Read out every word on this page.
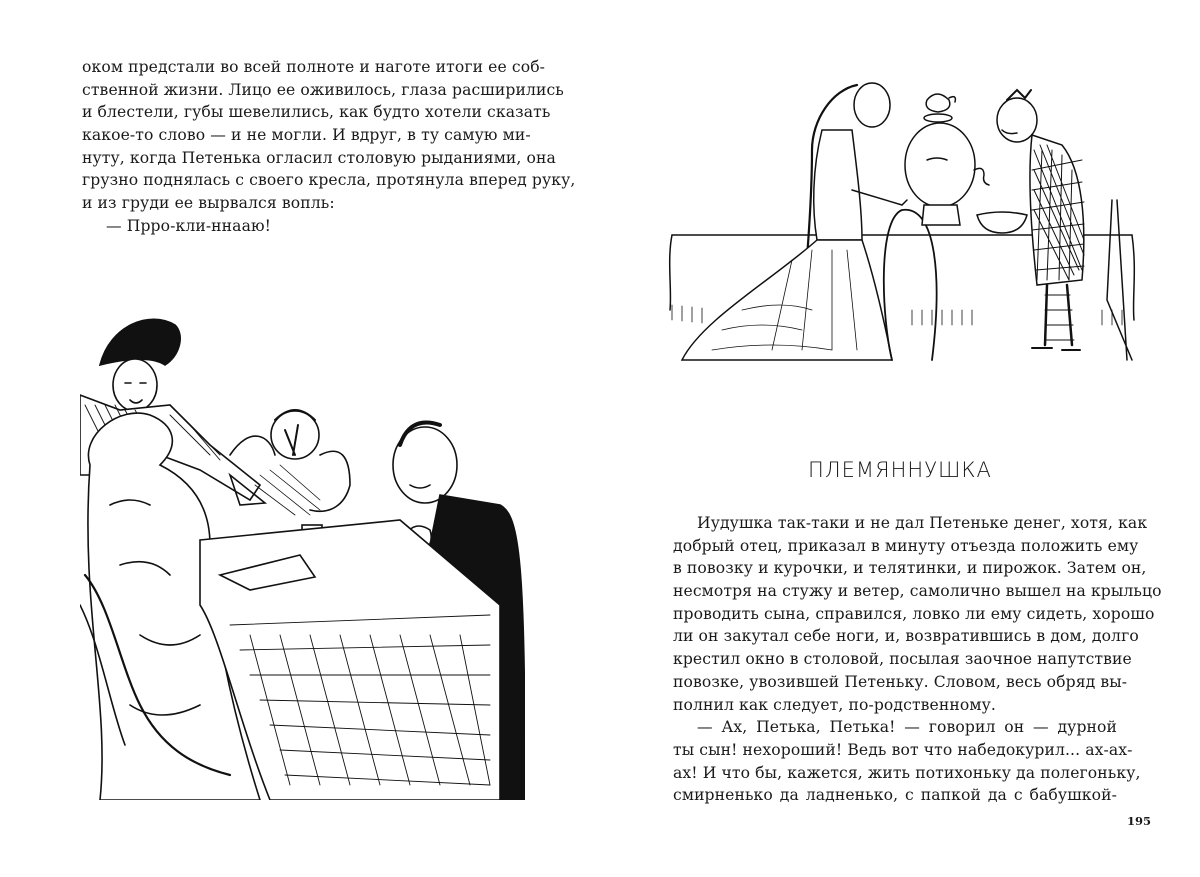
оком предстали во всей полноте и наготе итоги ее соб-
ственной жизни. Лицо ее оживилось, глаза расширились
и блестели, губы шевелились, как будто хотели сказать
какое-то слово — и не могли. И вдруг, в ту самую ми-
нуту, когда Петенька огласил столовую рыданиями, она
грузно поднялась с своего кресла, протянула вперед руку,
и из груди ее вырвался вопль:
— Прро-кли-ннааю!
ПЛЕМЯННУШКА
Иудушка так-таки и не дал Петеньке денег, хотя, как
добрый отец, приказал в минуту отъезда положить ему
в повозку и курочки, и телятинки, и пирожок. Затем он,
несмотря на стужу и ветер, самолично вышел на крыльцо
проводить сына, справился, ловко ли ему сидеть, хорошо
ли он закутал себе ноги, и, возвратившись в дом, долго
крестил окно в столовой, посылая заочное напутствие
повозке, увозившей Петеньку. Словом, весь обряд вы-
полнил как следует, по-родственному.
— Ах, Петька, Петька! — говорил он — дурной
ты сын! нехороший! Ведь вот что набедокурил... ах-ах-
ах! И что бы, кажется, жить потихоньку да полегоньку,
смирненько да ладненько, с папкой да с бабушкой-
195
